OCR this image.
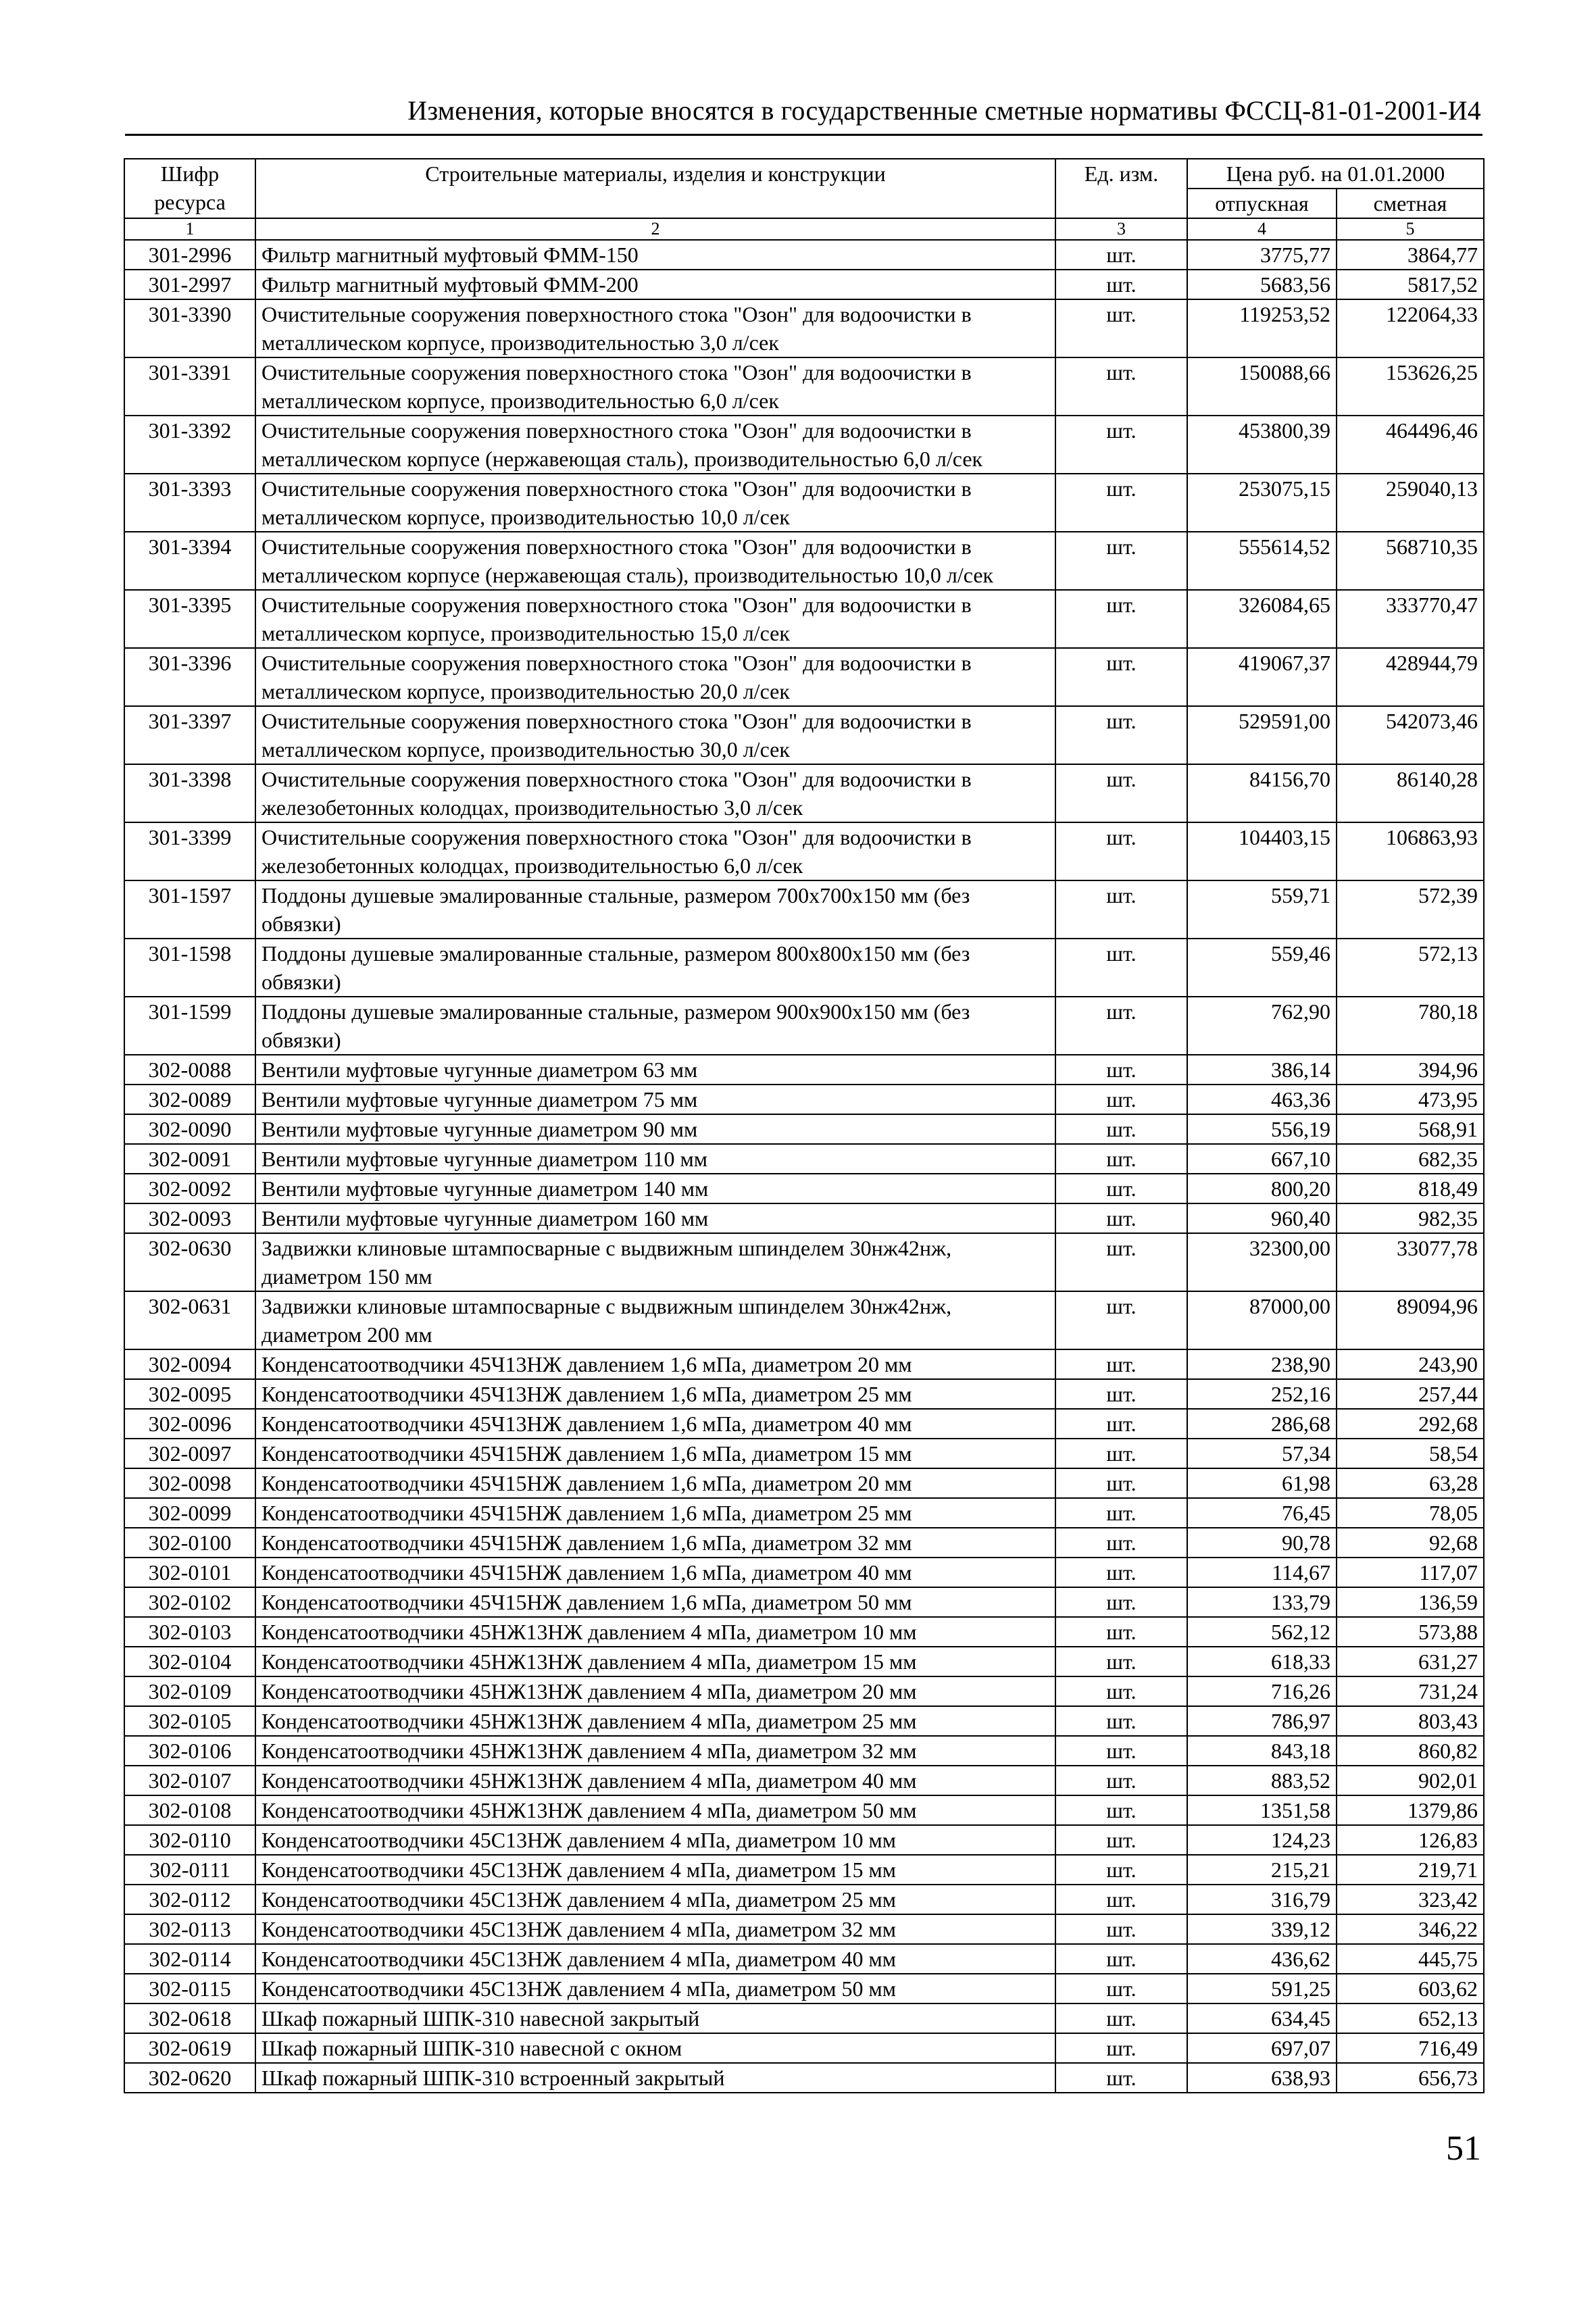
Изменения, которые вносятся в государственные сметные нормативы ФССЦ-81-01-2001-И4
Шифр ресурса	Строительные материалы, изделия и конструкции	Ед. изм.	Цена руб. на 01.01.2000	
			отпускная	сметная
1	2	3	4	5
301-2996	Фильтр магнитный муфтовый ФММ-150	шт.	3775,77	3864,77
301-2997	Фильтр магнитный муфтовый ФММ-200	шт.	5683,56	5817,52
301-3390	Очистительные сооружения поверхностного стока "Озон" для водоочистки в металлическом корпусе, производительностью 3,0 л/сек	шт.	119253,52	122064,33
301-3391	Очистительные сооружения поверхностного стока "Озон" для водоочистки в металлическом корпусе, производительностью 6,0 л/сек	шт.	150088,66	153626,25
301-3392	Очистительные сооружения поверхностного стока "Озон" для водоочистки в металлическом корпусе (нержавеющая сталь), производительностью 6,0 л/сек	шт.	453800,39	464496,46
301-3393	Очистительные сооружения поверхностного стока "Озон" для водоочистки в металлическом корпусе, производительностью 10,0 л/сек	шт.	253075,15	259040,13
301-3394	Очистительные сооружения поверхностного стока "Озон" для водоочистки в металлическом корпусе (нержавеющая сталь), производительностью 10,0 л/сек	шт.	555614,52	568710,35
301-3395	Очистительные сооружения поверхностного стока "Озон" для водоочистки в металлическом корпусе, производительностью 15,0 л/сек	шт.	326084,65	333770,47
301-3396	Очистительные сооружения поверхностного стока "Озон" для водоочистки в металлическом корпусе, производительностью 20,0 л/сек	шт.	419067,37	428944,79
301-3397	Очистительные сооружения поверхностного стока "Озон" для водоочистки в металлическом корпусе, производительностью 30,0 л/сек	шт.	529591,00	542073,46
301-3398	Очистительные сооружения поверхностного стока "Озон" для водоочистки в железобетонных колодцах, производительностью 3,0 л/сек	шт.	84156,70	86140,28
301-3399	Очистительные сооружения поверхностного стока "Озон" для водоочистки в железобетонных колодцах, производительностью 6,0 л/сек	шт.	104403,15	106863,93
301-1597	Поддоны душевые эмалированные стальные, размером 700х700х150 мм (без обвязки)	шт.	559,71	572,39
301-1598	Поддоны душевые эмалированные стальные, размером 800х800х150 мм (без обвязки)	шт.	559,46	572,13
301-1599	Поддоны душевые эмалированные стальные, размером 900х900х150 мм (без обвязки)	шт.	762,90	780,18
302-0088	Вентили муфтовые чугунные диаметром 63 мм	шт.	386,14	394,96
302-0089	Вентили муфтовые чугунные диаметром 75 мм	шт.	463,36	473,95
302-0090	Вентили муфтовые чугунные диаметром 90 мм	шт.	556,19	568,91
302-0091	Вентили муфтовые чугунные диаметром 110 мм	шт.	667,10	682,35
302-0092	Вентили муфтовые чугунные диаметром 140 мм	шт.	800,20	818,49
302-0093	Вентили муфтовые чугунные диаметром 160 мм	шт.	960,40	982,35
302-0630	Задвижки клиновые штампосварные с выдвижным шпинделем 30нж42нж, диаметром 150 мм	шт.	32300,00	33077,78
302-0631	Задвижки клиновые штампосварные с выдвижным шпинделем 30нж42нж, диаметром 200 мм	шт.	87000,00	89094,96
302-0094	Конденсатоотводчики 45Ч13НЖ давлением 1,6 мПа, диаметром 20 мм	шт.	238,90	243,90
302-0095	Конденсатоотводчики 45Ч13НЖ давлением 1,6 мПа, диаметром 25 мм	шт.	252,16	257,44
302-0096	Конденсатоотводчики 45Ч13НЖ давлением 1,6 мПа, диаметром 40 мм	шт.	286,68	292,68
302-0097	Конденсатоотводчики 45Ч15НЖ давлением 1,6 мПа, диаметром 15 мм	шт.	57,34	58,54
302-0098	Конденсатоотводчики 45Ч15НЖ давлением 1,6 мПа, диаметром 20 мм	шт.	61,98	63,28
302-0099	Конденсатоотводчики 45Ч15НЖ давлением 1,6 мПа, диаметром 25 мм	шт.	76,45	78,05
302-0100	Конденсатоотводчики 45Ч15НЖ давлением 1,6 мПа, диаметром 32 мм	шт.	90,78	92,68
302-0101	Конденсатоотводчики 45Ч15НЖ давлением 1,6 мПа, диаметром 40 мм	шт.	114,67	117,07
302-0102	Конденсатоотводчики 45Ч15НЖ давлением 1,6 мПа, диаметром 50 мм	шт.	133,79	136,59
302-0103	Конденсатоотводчики 45НЖ13НЖ давлением 4 мПа, диаметром 10 мм	шт.	562,12	573,88
302-0104	Конденсатоотводчики 45НЖ13НЖ давлением 4 мПа, диаметром 15 мм	шт.	618,33	631,27
302-0109	Конденсатоотводчики 45НЖ13НЖ давлением 4 мПа, диаметром 20 мм	шт.	716,26	731,24
302-0105	Конденсатоотводчики 45НЖ13НЖ давлением 4 мПа, диаметром 25 мм	шт.	786,97	803,43
302-0106	Конденсатоотводчики 45НЖ13НЖ давлением 4 мПа, диаметром 32 мм	шт.	843,18	860,82
302-0107	Конденсатоотводчики 45НЖ13НЖ давлением 4 мПа, диаметром 40 мм	шт.	883,52	902,01
302-0108	Конденсатоотводчики 45НЖ13НЖ давлением 4 мПа, диаметром 50 мм	шт.	1351,58	1379,86
302-0110	Конденсатоотводчики 45С13НЖ давлением 4 мПа, диаметром 10 мм	шт.	124,23	126,83
302-0111	Конденсатоотводчики 45С13НЖ давлением 4 мПа, диаметром 15 мм	шт.	215,21	219,71
302-0112	Конденсатоотводчики 45С13НЖ давлением 4 мПа, диаметром 25 мм	шт.	316,79	323,42
302-0113	Конденсатоотводчики 45С13НЖ давлением 4 мПа, диаметром 32 мм	шт.	339,12	346,22
302-0114	Конденсатоотводчики 45С13НЖ давлением 4 мПа, диаметром 40 мм	шт.	436,62	445,75
302-0115	Конденсатоотводчики 45С13НЖ давлением 4 мПа, диаметром 50 мм	шт.	591,25	603,62
302-0618	Шкаф пожарный ШПК-310 навесной закрытый	шт.	634,45	652,13
302-0619	Шкаф пожарный ШПК-310 навесной с окном	шт.	697,07	716,49
302-0620	Шкаф пожарный ШПК-310 встроенный закрытый	шт.	638,93	656,73
51
